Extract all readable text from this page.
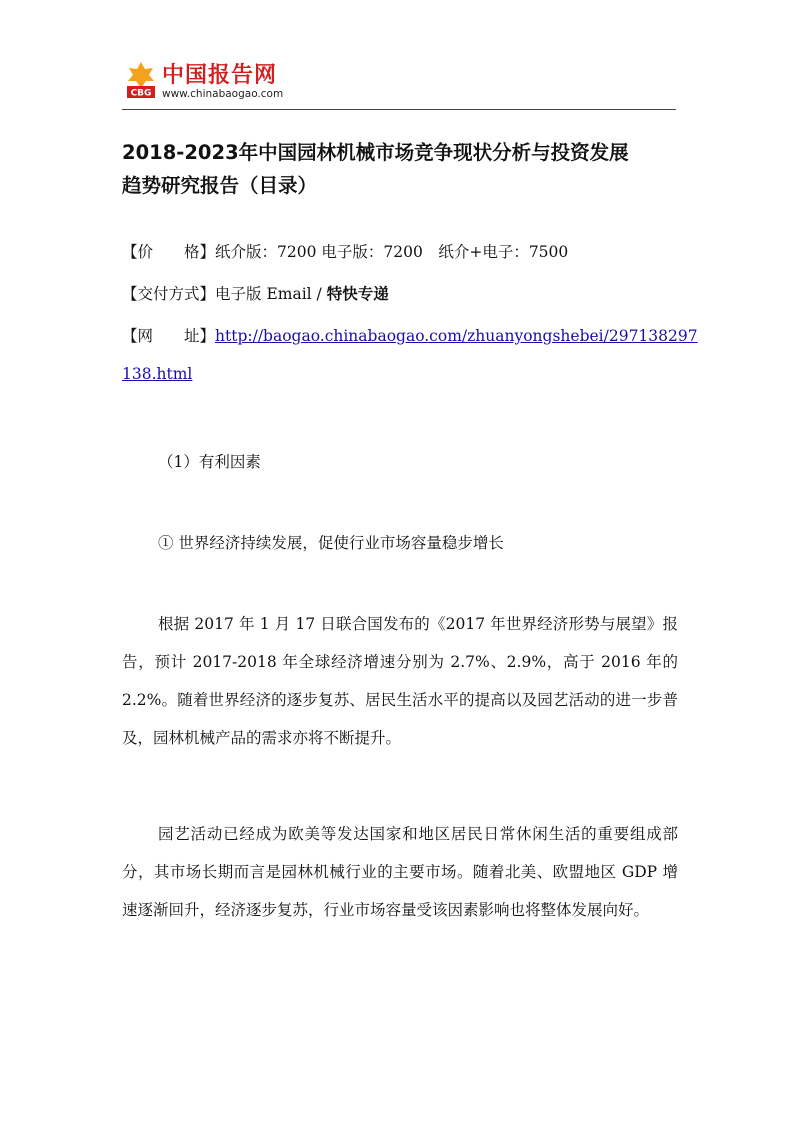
CBG
中国报告网
www.chinabaogao.com
2018-2023年中国园林机械市场竞争现状分析与投资发展
趋势研究报告（目录）
【价　　格】纸介版：7200 电子版：7200　纸介+电子：7500
【交付方式】电子版 Email / 特快专递
【网　　址】http://baogao.chinabaogao.com/zhuanyongshebei/297138297
138.html
（1）有利因素
① 世界经济持续发展，促使行业市场容量稳步增长

根据 2017 年 1 月 17 日联合国发布的《2017 年世界经济形势与展望》报告，预计 2017-2018 年全球经济增速分别为 2.7%、2.9%，高于 2016 年的 2.2%。随着世界经济的逐步复苏、居民生活水平的提高以及园艺活动的进一步普及，园林机械产品的需求亦将不断提升。

园艺活动已经成为欧美等发达国家和地区居民日常休闲生活的重要组成部分，其市场长期而言是园林机械行业的主要市场。随着北美、欧盟地区 GDP 增速逐渐回升，经济逐步复苏，行业市场容量受该因素影响也将整体发展向好。
